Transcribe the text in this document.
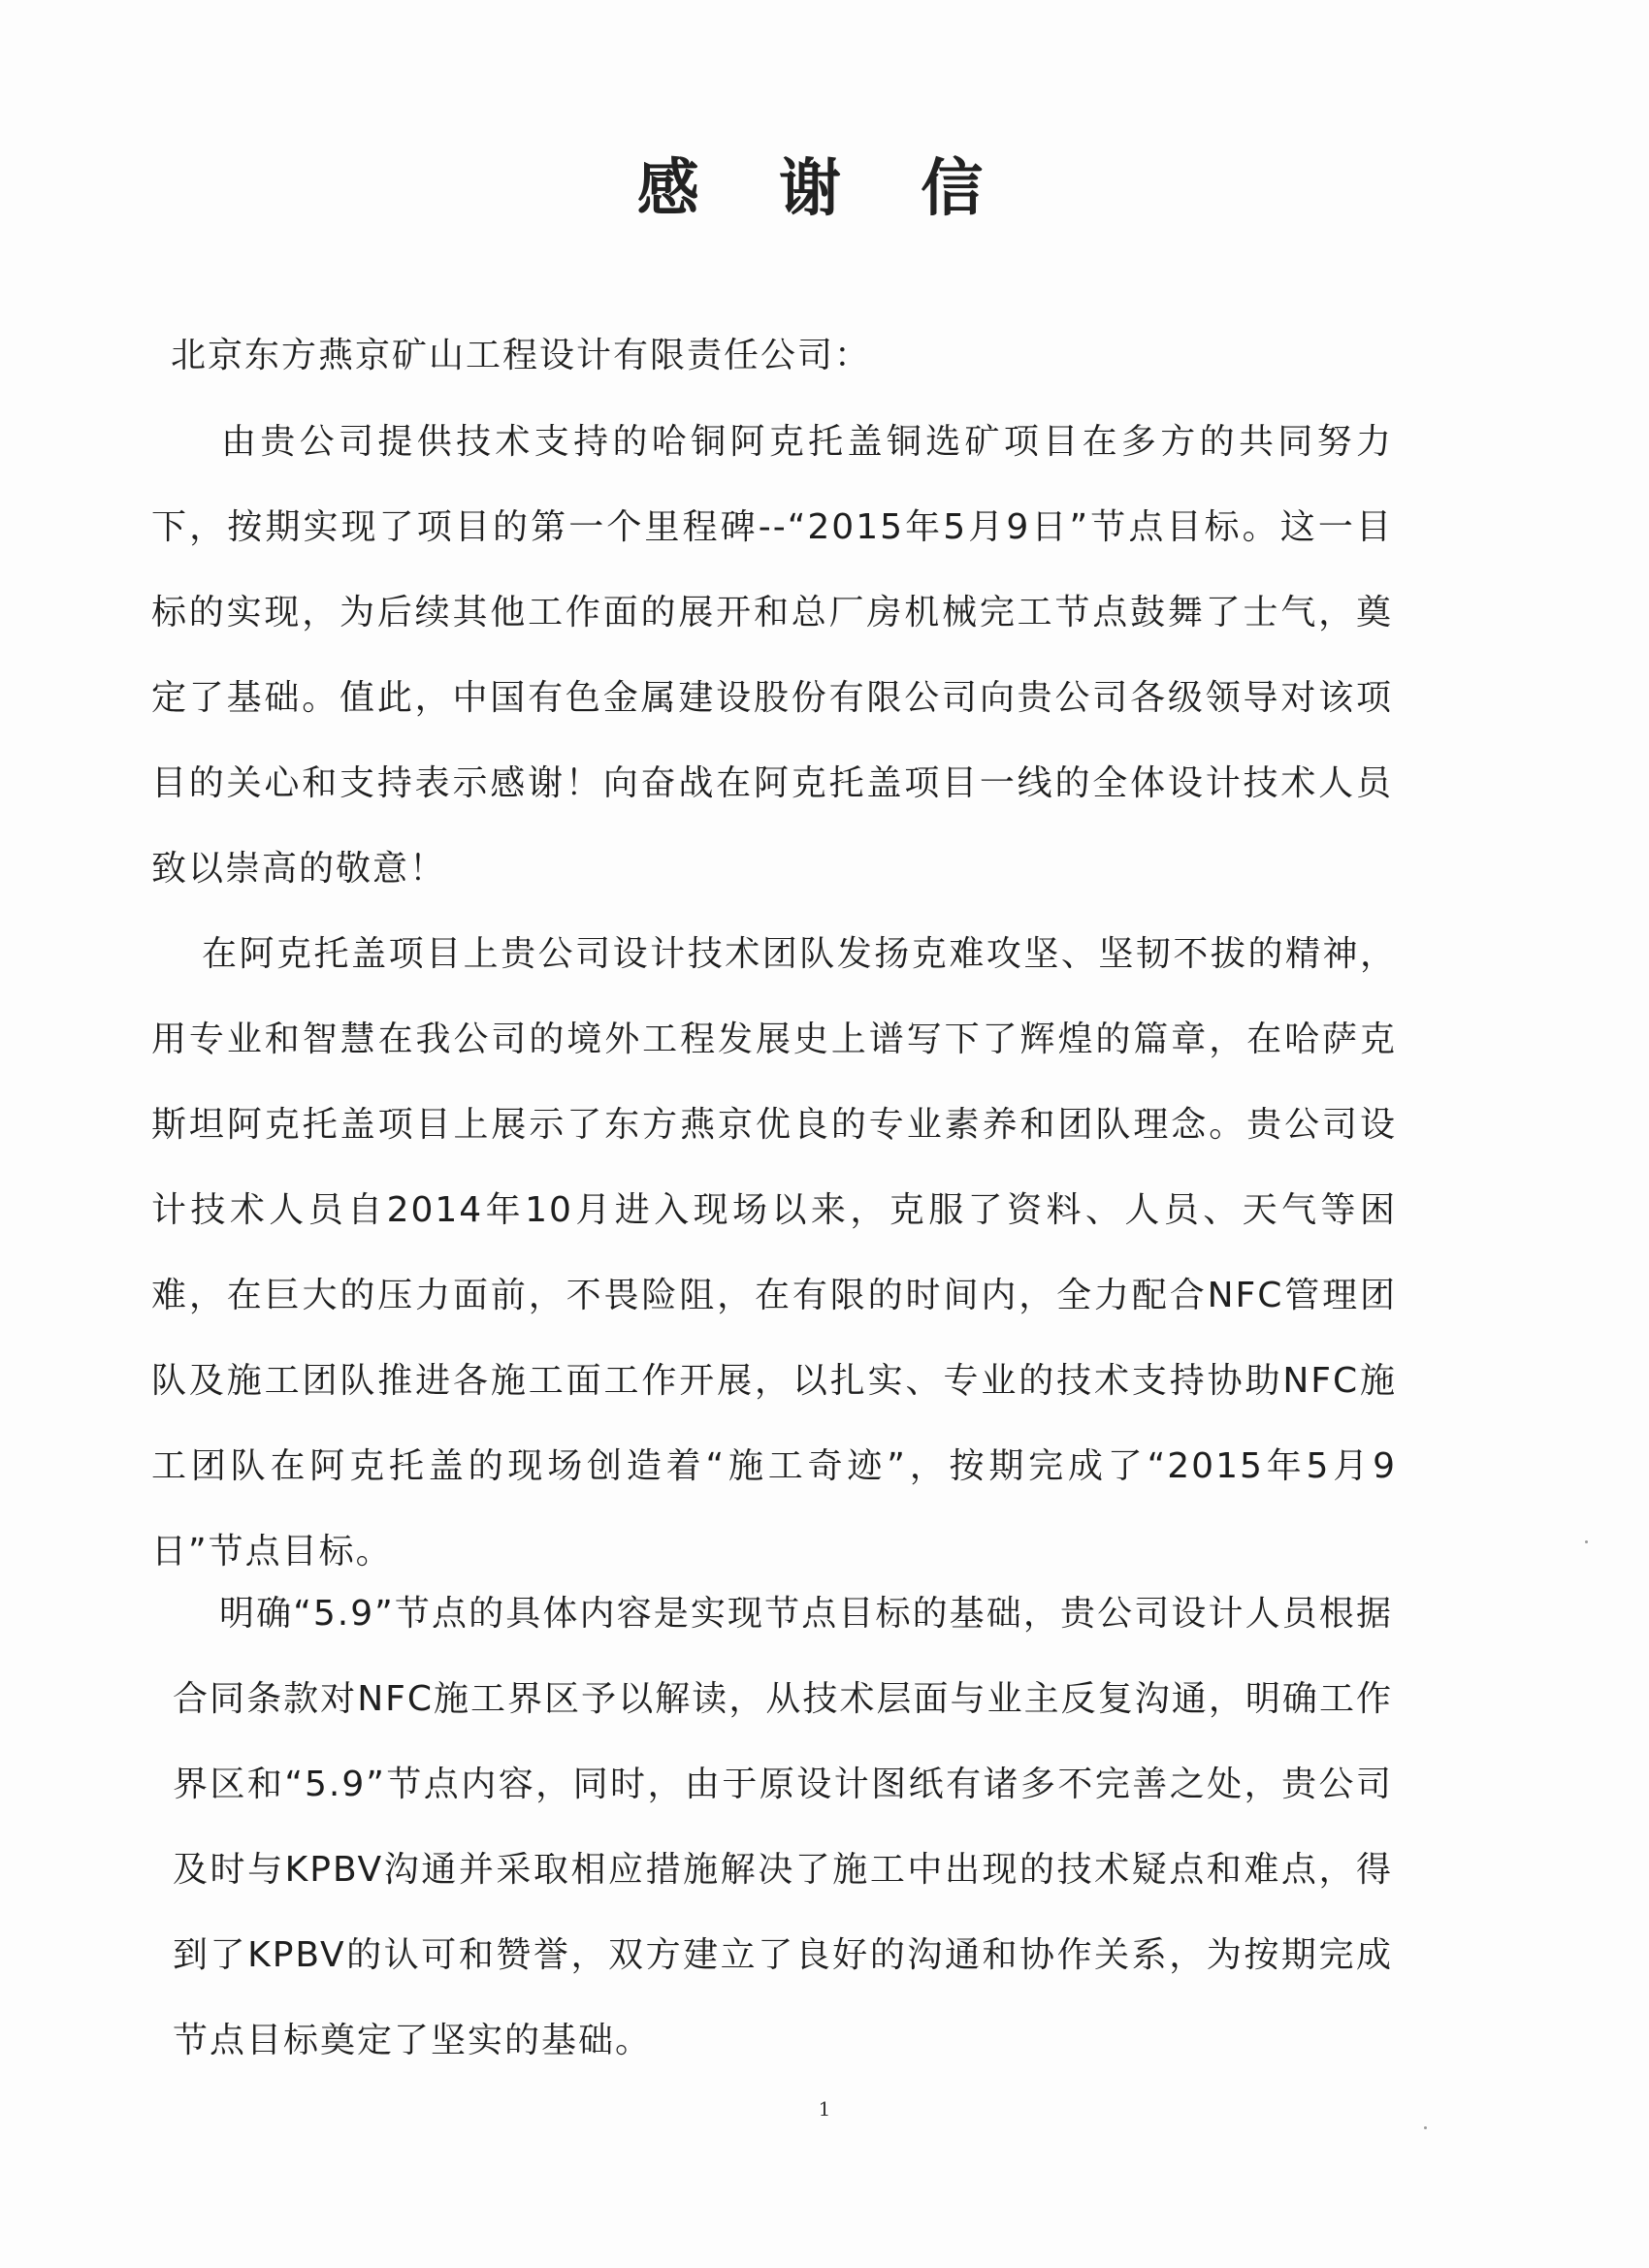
感 谢 信
北京东方燕京矿山工程设计有限责任公司：

由贵公司提供技术支持的哈铜阿克托盖铜选矿项目在多方的共同努力下，按期实现了项目的第一个里程碑--“2015年5月9日”节点目标。这一目标的实现，为后续其他工作面的展开和总厂房机械完工节点鼓舞了士气，奠定了基础。值此，中国有色金属建设股份有限公司向贵公司各级领导对该项目的关心和支持表示感谢！向奋战在阿克托盖项目一线的全体设计技术人员致以崇高的敬意！

在阿克托盖项目上贵公司设计技术团队发扬克难攻坚、坚韧不拔的精神，用专业和智慧在我公司的境外工程发展史上谱写下了辉煌的篇章，在哈萨克斯坦阿克托盖项目上展示了东方燕京优良的专业素养和团队理念。贵公司设计技术人员自2014年10月进入现场以来，克服了资料、人员、天气等困难，在巨大的压力面前，不畏险阻，在有限的时间内，全力配合NFC管理团队及施工团队推进各施工面工作开展，以扎实、专业的技术支持协助NFC施工团队在阿克托盖的现场创造着“施工奇迹”，按期完成了“2015年5月9日”节点目标。

明确“5.9”节点的具体内容是实现节点目标的基础，贵公司设计人员根据合同条款对NFC施工界区予以解读，从技术层面与业主反复沟通，明确工作界区和“5.9”节点内容，同时，由于原设计图纸有诸多不完善之处，贵公司及时与KPBV沟通并采取相应措施解决了施工中出现的技术疑点和难点，得到了KPBV的认可和赞誉，双方建立了良好的沟通和协作关系，为按期完成节点目标奠定了坚实的基础。

1
